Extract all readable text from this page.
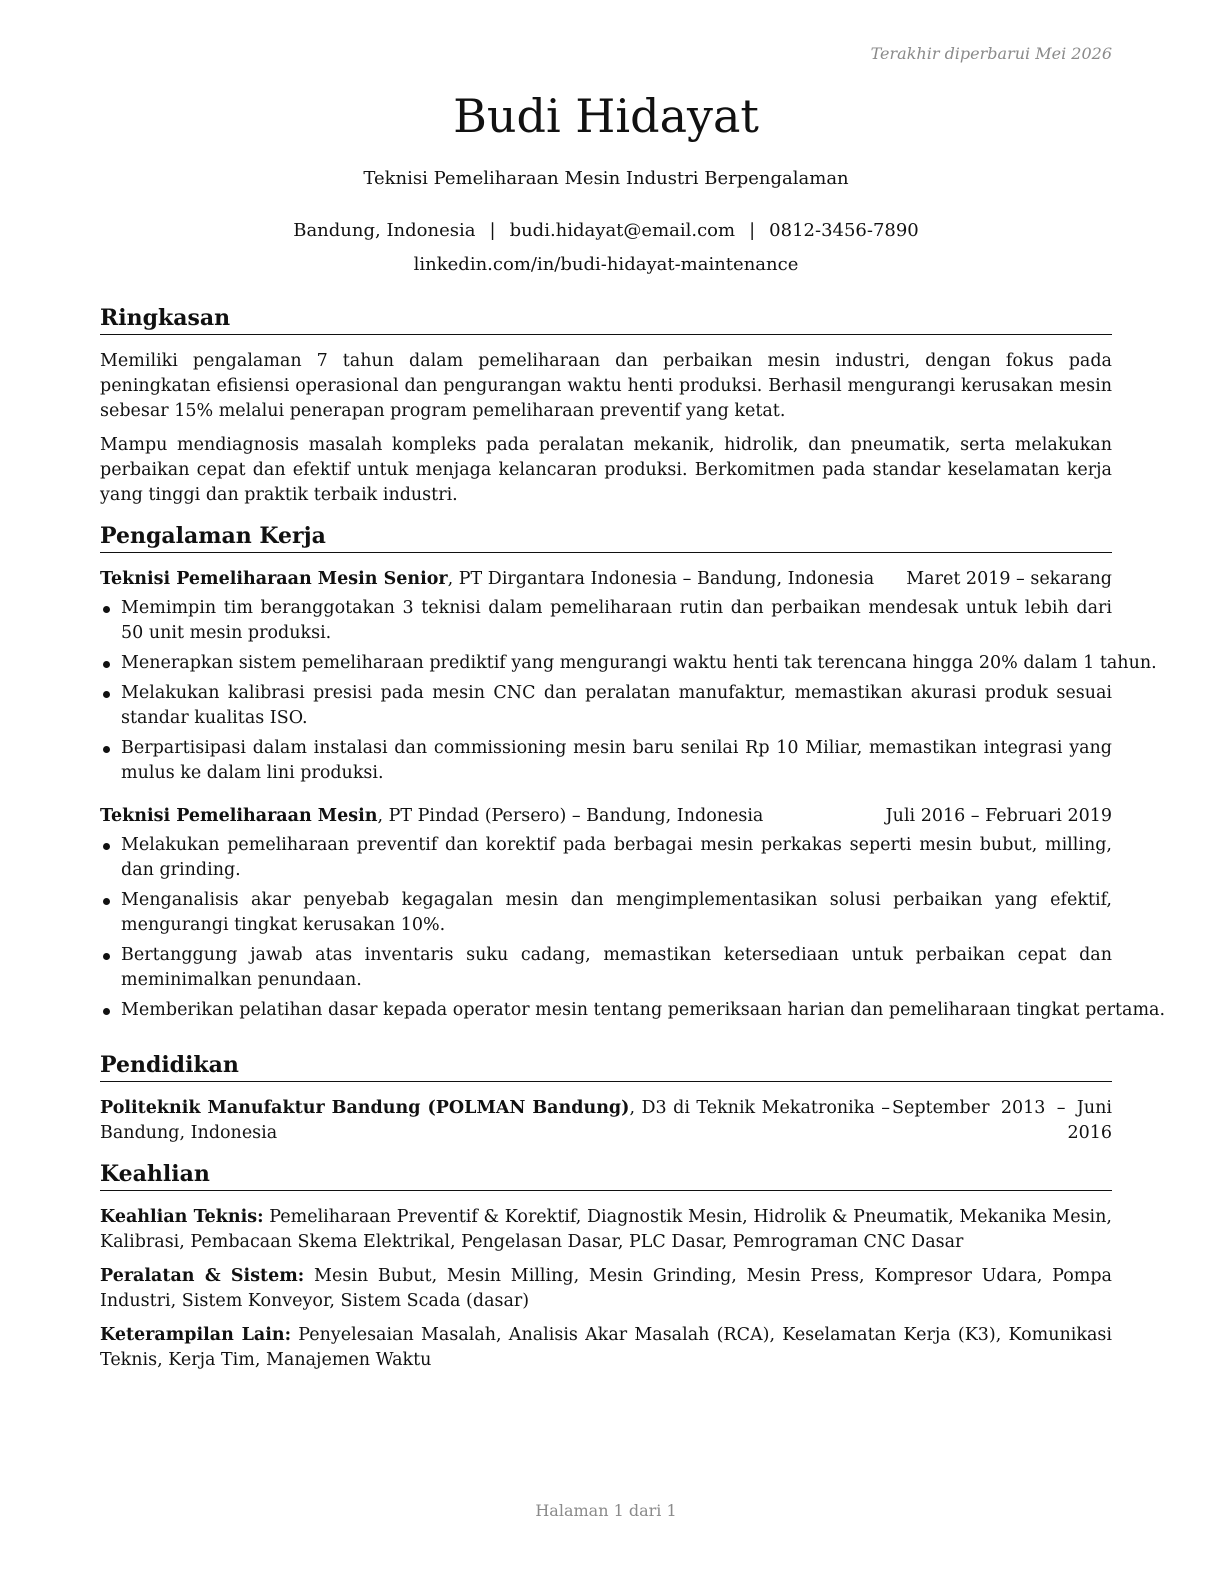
Terakhir diperbarui Mei 2026
Budi Hidayat
Teknisi Pemeliharaan Mesin Industri Berpengalaman
Bandung, Indonesia | budi.hidayat@email.com | 0812-3456-7890
linkedin.com/in/budi-hidayat-maintenance
Ringkasan

Memiliki pengalaman 7 tahun dalam pemeliharaan dan perbaikan mesin industri, dengan fokus pada peningkatan efisiensi operasional dan pengurangan waktu henti produksi. Berhasil mengurangi kerusakan mesin sebesar 15% melalui penerapan program pemeliharaan preventif yang ketat.

Mampu mendiagnosis masalah kompleks pada peralatan mekanik, hidrolik, dan pneumatik, serta melakukan perbaikan cepat dan efektif untuk menjaga kelancaran produksi. Berkomitmen pada standar keselamatan kerja yang tinggi dan praktik terbaik industri.

Pengalaman Kerja
Teknisi Pemeliharaan Mesin Senior, PT Dirgantara Indonesia – Bandung, Indonesia Maret 2019 – sekarang
Memimpin tim beranggotakan 3 teknisi dalam pemeliharaan rutin dan perbaikan mendesak untuk lebih dari 50 unit mesin produksi.
Menerapkan sistem pemeliharaan prediktif yang mengurangi waktu henti tak terencana hingga 20% dalam 1 tahun.
Melakukan kalibrasi presisi pada mesin CNC dan peralatan manufaktur, memastikan akurasi produk sesuai standar kualitas ISO.
Berpartisipasi dalam instalasi dan commissioning mesin baru senilai Rp 10 Miliar, memastikan integrasi yang mulus ke dalam lini produksi.
Teknisi Pemeliharaan Mesin, PT Pindad (Persero) – Bandung, Indonesia	Juli 2016 – Februari 2019
Melakukan pemeliharaan preventif dan korektif pada berbagai mesin perkakas seperti mesin bubut, milling, dan grinding.
Menganalisis akar penyebab kegagalan mesin dan mengimplementasikan solusi perbaikan yang efektif, mengurangi tingkat kerusakan 10%.
Bertanggung jawab atas inventaris suku cadang, memastikan ketersediaan untuk perbaikan cepat dan meminimalkan penundaan.
Memberikan pelatihan dasar kepada operator mesin tentang pemeriksaan harian dan pemeliharaan tingkat pertama.
Pendidikan
Politeknik Manufaktur Bandung (POLMAN Bandung), D3 di Teknik Mekatronika – Bandung, Indonesia
September 2013 – Juni 2016
Keahlian

Keahlian Teknis: Pemeliharaan Preventif & Korektif, Diagnostik Mesin, Hidrolik & Pneumatik, Mekanika Mesin, Kalibrasi, Pembacaan Skema Elektrikal, Pengelasan Dasar, PLC Dasar, Pemrograman CNC Dasar

Peralatan & Sistem: Mesin Bubut, Mesin Milling, Mesin Grinding, Mesin Press, Kompresor Udara, Pompa Industri, Sistem Konveyor, Sistem Scada (dasar)

Keterampilan Lain: Penyelesaian Masalah, Analisis Akar Masalah (RCA), Keselamatan Kerja (K3), Komunikasi Teknis, Kerja Tim, Manajemen Waktu

Halaman 1 dari 1
